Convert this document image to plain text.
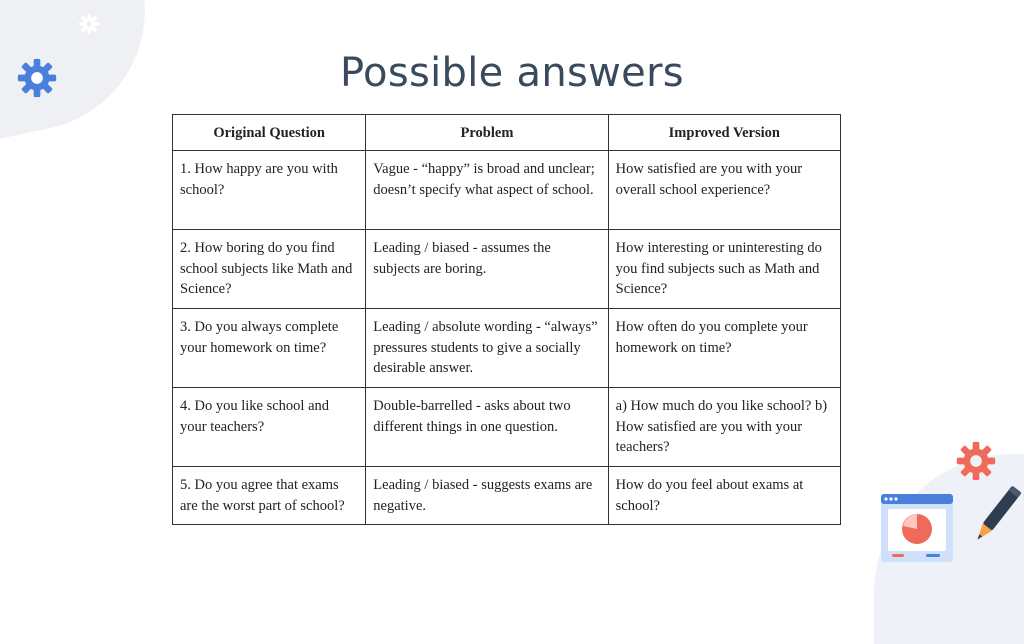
Possible answers
Original Question	Problem	Improved Version
1. How happy are you with school?	Vague - “happy” is broad and unclear; doesn’t specify what aspect of school.	How satisfied are you with your overall school experience?
2. How boring do you find school subjects like Math and Science?	Leading / biased - assumes the subjects are boring.	How interesting or uninteresting do you find subjects such as Math and Science?
3. Do you always complete your homework on time?	Leading / absolute wording - “always” pressures students to give a socially desirable answer.	How often do you complete your homework on time?
4. Do you like school and your teachers?	Double-barrelled - asks about two different things in one question.	a) How much do you like school? b) How satisfied are you with your teachers?
5. Do you agree that exams are the worst part of school?	Leading / biased - suggests exams are negative.	How do you feel about exams at school?
